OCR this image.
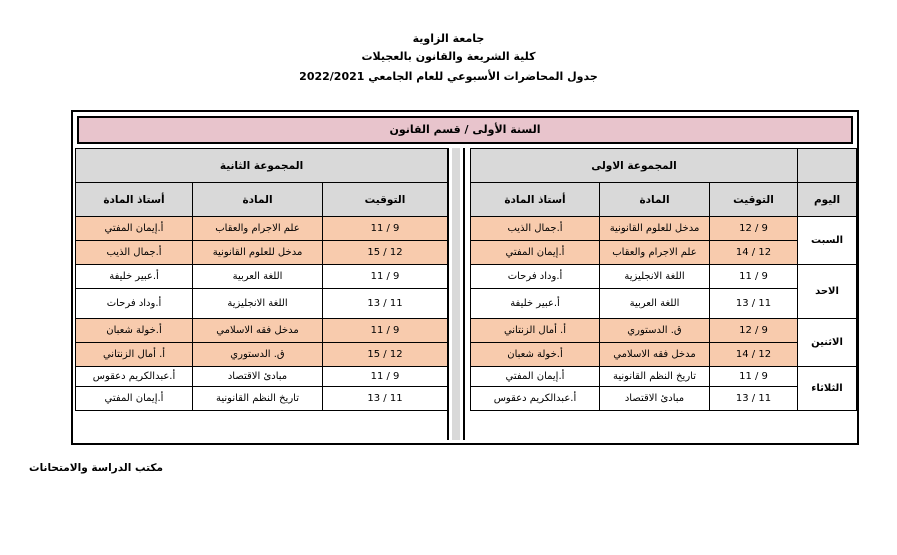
جامعة الزاوية
كلية الشريعة والقانون بالعجيلات
جدول المحاضرات الأسبوعي للعام الجامعي 2022/2021
السنة الأولى / قسم القانون
	المجموعة الاولى		
اليوم	التوقيت	المادة	أستاذ المادة
السبت	12 / 9	مدخل للعلوم القانونية	أ.جمال الذيب
	14 / 12	علم الاجرام والعقاب	أ.إيمان المفتي
الاحد	11 / 9	اللغة الانجليزية	أ.وداد فرحات
	13 / 11	اللغة العربية	أ.عبير خليفة
الاثنين	12 / 9	ق. الدستوري	أ. أمال الزنتاني
	14 / 12	مدخل فقه الاسلامي	أ.خولة شعبان
الثلاثاء	11 / 9	تاريخ النظم القانونية	أ.إيمان المفتي
	13 / 11	مبادئ الاقتصاد	أ.عبدالكريم دعقوس
المجموعة الثانية		
التوقيت	المادة	أستاذ المادة
11 / 9	علم الاجرام والعقاب	أ.إيمان المفتي
15 / 12	مدخل للعلوم القانونية	أ.جمال الذيب
11 / 9	اللغة العربية	أ.عبير خليفة
13 / 11	اللغة الانجليزية	أ.وداد فرحات
11 / 9	مدخل فقه الاسلامي	أ.خولة شعبان
15 / 12	ق. الدستوري	أ. أمال الزنتاني
11 / 9	مبادئ الاقتصاد	أ.عبدالكريم دعقوس
13 / 11	تاريخ النظم القانونية	أ.إيمان المفتي
مكتب الدراسة والامتحانات
